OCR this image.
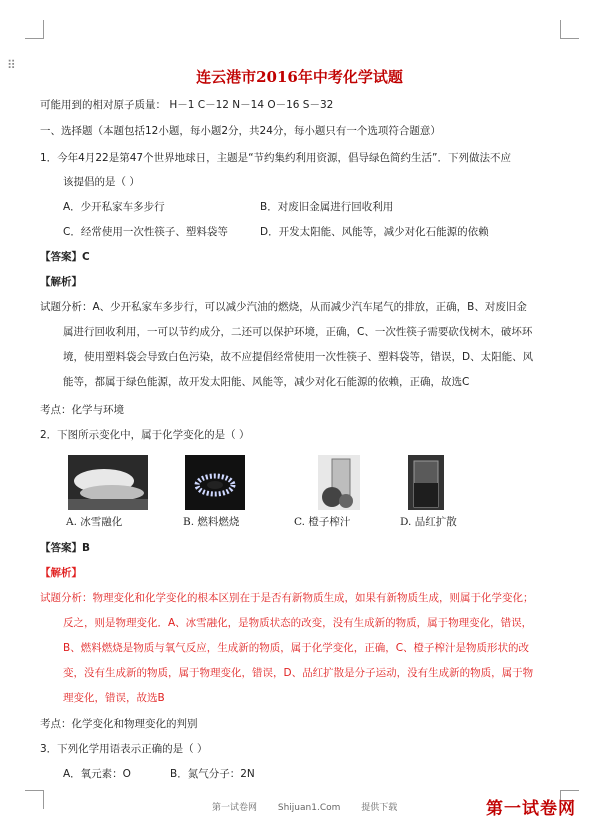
⠿
连云港市2016年中考化学试题
可能用到的相对原子质量： H－1 C－12 N－14 O－16 S－32
一、选择题（本题包括12小题，每小题2分，共24分，每小题只有一个选项符合题意）
1．今年4月22是第47个世界地球日，主题是“节约集约利用资源，倡导绿色简约生活”．下列做法不应
该提倡的是（ ）
A．少开私家车多步行	B．对废旧金属进行回收利用
C．经常使用一次性筷子、塑料袋等	D．开发太阳能、风能等，减少对化石能源的依赖
【答案】C
【解析】
试题分析：A、少开私家车多步行，可以减少汽油的燃烧，从而减少汽车尾气的排放，正确，B、对废旧金
属进行回收利用，一可以节约成分，二还可以保护环境，正确，C、一次性筷子需要砍伐树木，破坏环
境，使用塑料袋会导致白色污染，故不应提倡经常使用一次性筷子、塑料袋等，错误，D、太阳能、风
能等，都属于绿色能源，故开发太阳能、风能等，减少对化石能源的依赖，正确，故选C
考点：化学与环境
2．下图所示变化中，属于化学变化的是（ ）
A. 冰雪融化	B. 燃料燃烧	C. 橙子榨汁	D. 品红扩散
【答案】B
【解析】
试题分析：物理变化和化学变化的根本区别在于是否有新物质生成，如果有新物质生成，则属于化学变化；
反之，则是物理变化．A、冰雪融化，是物质状态的改变，没有生成新的物质，属于物理变化，错误，
B、燃料燃烧是物质与氧气反应，生成新的物质，属于化学变化，正确，C、橙子榨汁是物质形状的改
变，没有生成新的物质，属于物理变化，错误，D、品红扩散是分子运动，没有生成新的物质，属于物
理变化，错误，故选B
考点：化学变化和物理变化的判别
3．下列化学用语表示正确的是（ ）
A．氧元素：O	B．氮气分子：2N
第一试卷网 Shijuan1.Com 提供下载	第一试卷网
